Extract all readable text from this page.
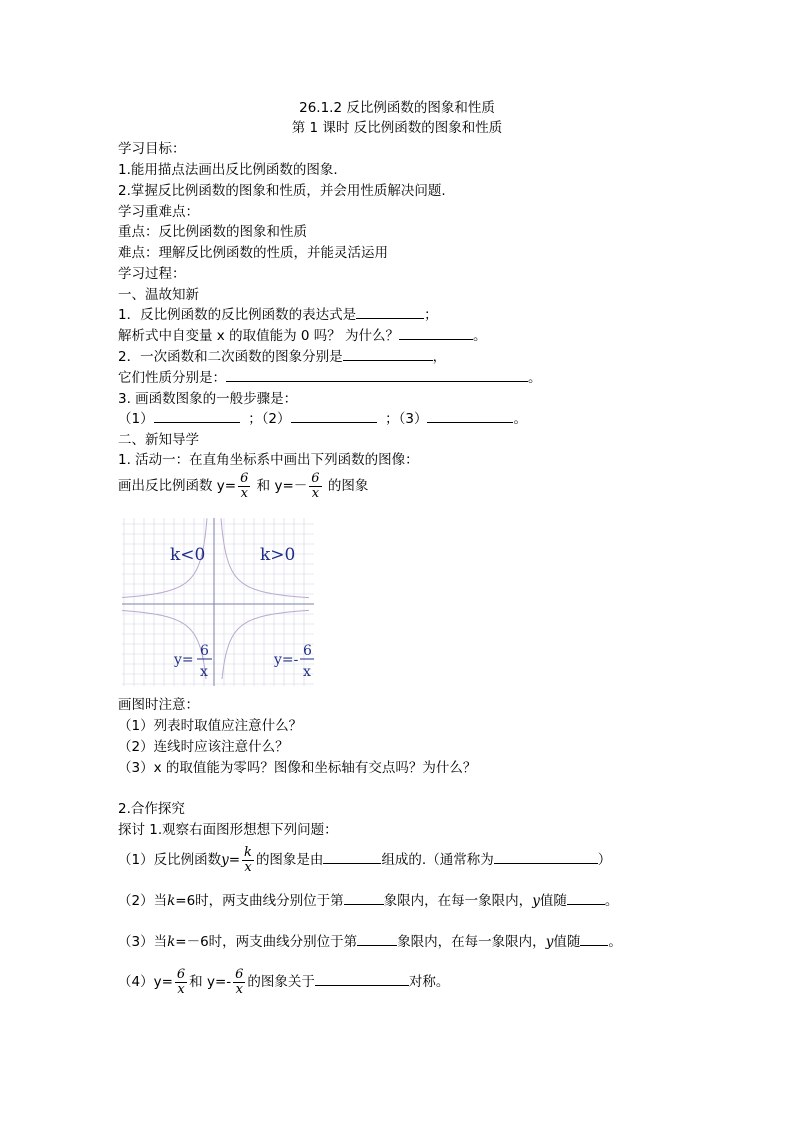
26.1.2 反比例函数的图象和性质
第 1 课时 反比例函数的图象和性质
学习目标：
1.能用描点法画出反比例函数的图象.
2.掌握反比例函数的图象和性质，并会用性质解决问题.
学习重难点：
重点：反比例函数的图象和性质
难点：理解反比例函数的性质，并能灵活运用
学习过程：
一、温故知新
1．反比例函数的反比例函数的表达式是	；
解析式中自变量 x 的取值能为 0 吗？ 为什么？	。
2．一次函数和二次函数的图象分别是	，
它们性质分别是：	。
3. 画函数图象的一般步骤是：
（1）	；（2）	；（3）	。
二、新知导学
1. 活动一：在直角坐标系中画出下列函数的图像：
画出反比例函数 $y= \frac{6}{x}$ 和 $y=- \frac{6}{x}$ 的图象
k<0	k>0
y=
6
x
y=-
6
x
画图时注意：
（1）列表时取值应注意什么？
（2）连线时应该注意什么？
（3）x 的取值能为零吗？图像和坐标轴有交点吗？为什么？
2.合作探究
探讨 1.观察右面图形想想下列问题：
（1）反比例函数$y= \frac{k}{x}$ 的图象是由	组成的.（通常称为	）
（2）当k=6时，两支曲线分别位于第	象限内，在每一象限内，y值随	。
（3）当k=－6时，两支曲线分别位于第	象限内，在每一象限内，y值随 。
$(4)y= \frac{6}{x}$ 和 $y=- \frac{6}{x}$ 的图象关于	对称。
